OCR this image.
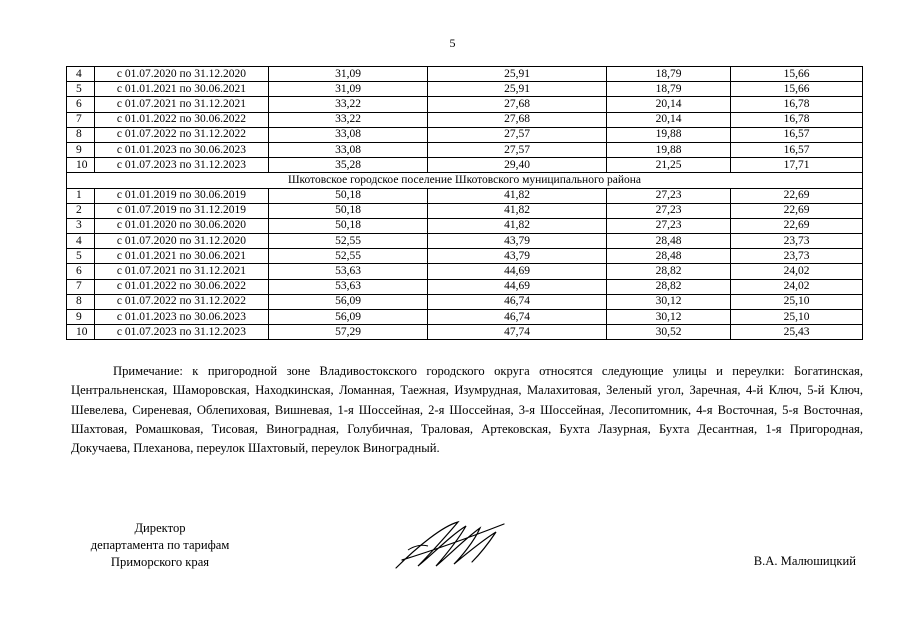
5
4	с 01.07.2020 по 31.12.2020	31,09	25,91	18,79	15,66
5	с 01.01.2021 по 30.06.2021	31,09	25,91	18,79	15,66
6	с 01.07.2021 по 31.12.2021	33,22	27,68	20,14	16,78
7	с 01.01.2022 по 30.06.2022	33,22	27,68	20,14	16,78
8	с 01.07.2022 по 31.12.2022	33,08	27,57	19,88	16,57
9	с 01.01.2023 по 30.06.2023	33,08	27,57	19,88	16,57
10	с 01.07.2023 по 31.12.2023	35,28	29,40	21,25	17,71
Шкотовское городское поселение Шкотовского муниципального района					
1	с 01.01.2019 по 30.06.2019	50,18	41,82	27,23	22,69
2	с 01.07.2019 по 31.12.2019	50,18	41,82	27,23	22,69
3	с 01.01.2020 по 30.06.2020	50,18	41,82	27,23	22,69
4	с 01.07.2020 по 31.12.2020	52,55	43,79	28,48	23,73
5	с 01.01.2021 по 30.06.2021	52,55	43,79	28,48	23,73
6	с 01.07.2021 по 31.12.2021	53,63	44,69	28,82	24,02
7	с 01.01.2022 по 30.06.2022	53,63	44,69	28,82	24,02
8	с 01.07.2022 по 31.12.2022	56,09	46,74	30,12	25,10
9	с 01.01.2023 по 30.06.2023	56,09	46,74	30,12	25,10
10	с 01.07.2023 по 31.12.2023	57,29	47,74	30,52	25,43

Примечание: к пригородной зоне Владивостокского городского округа относятся следующие улицы и переулки: Богатинская, Центральненская, Шаморовская, Находкинская, Ломанная, Таежная, Изумрудная, Малахитовая, Зеленый угол, Заречная, 4-й Ключ, 5-й Ключ, Шевелева, Сиреневая, Облепиховая, Вишневая, 1-я Шоссейная, 2-я Шоссейная, 3-я Шоссейная, Лесопитомник, 4-я Восточная, 5-я Восточная, Шахтовая, Ромашковая, Тисовая, Виноградная, Голубичная, Траловая, Артековская, Бухта Лазурная, Бухта Десантная, 1-я Пригородная, Докучаева, Плеханова, переулок Шахтовый, переулок Виноградный.

Директор
департамента по тарифам
Приморского края	В.А. Малюшицкий
